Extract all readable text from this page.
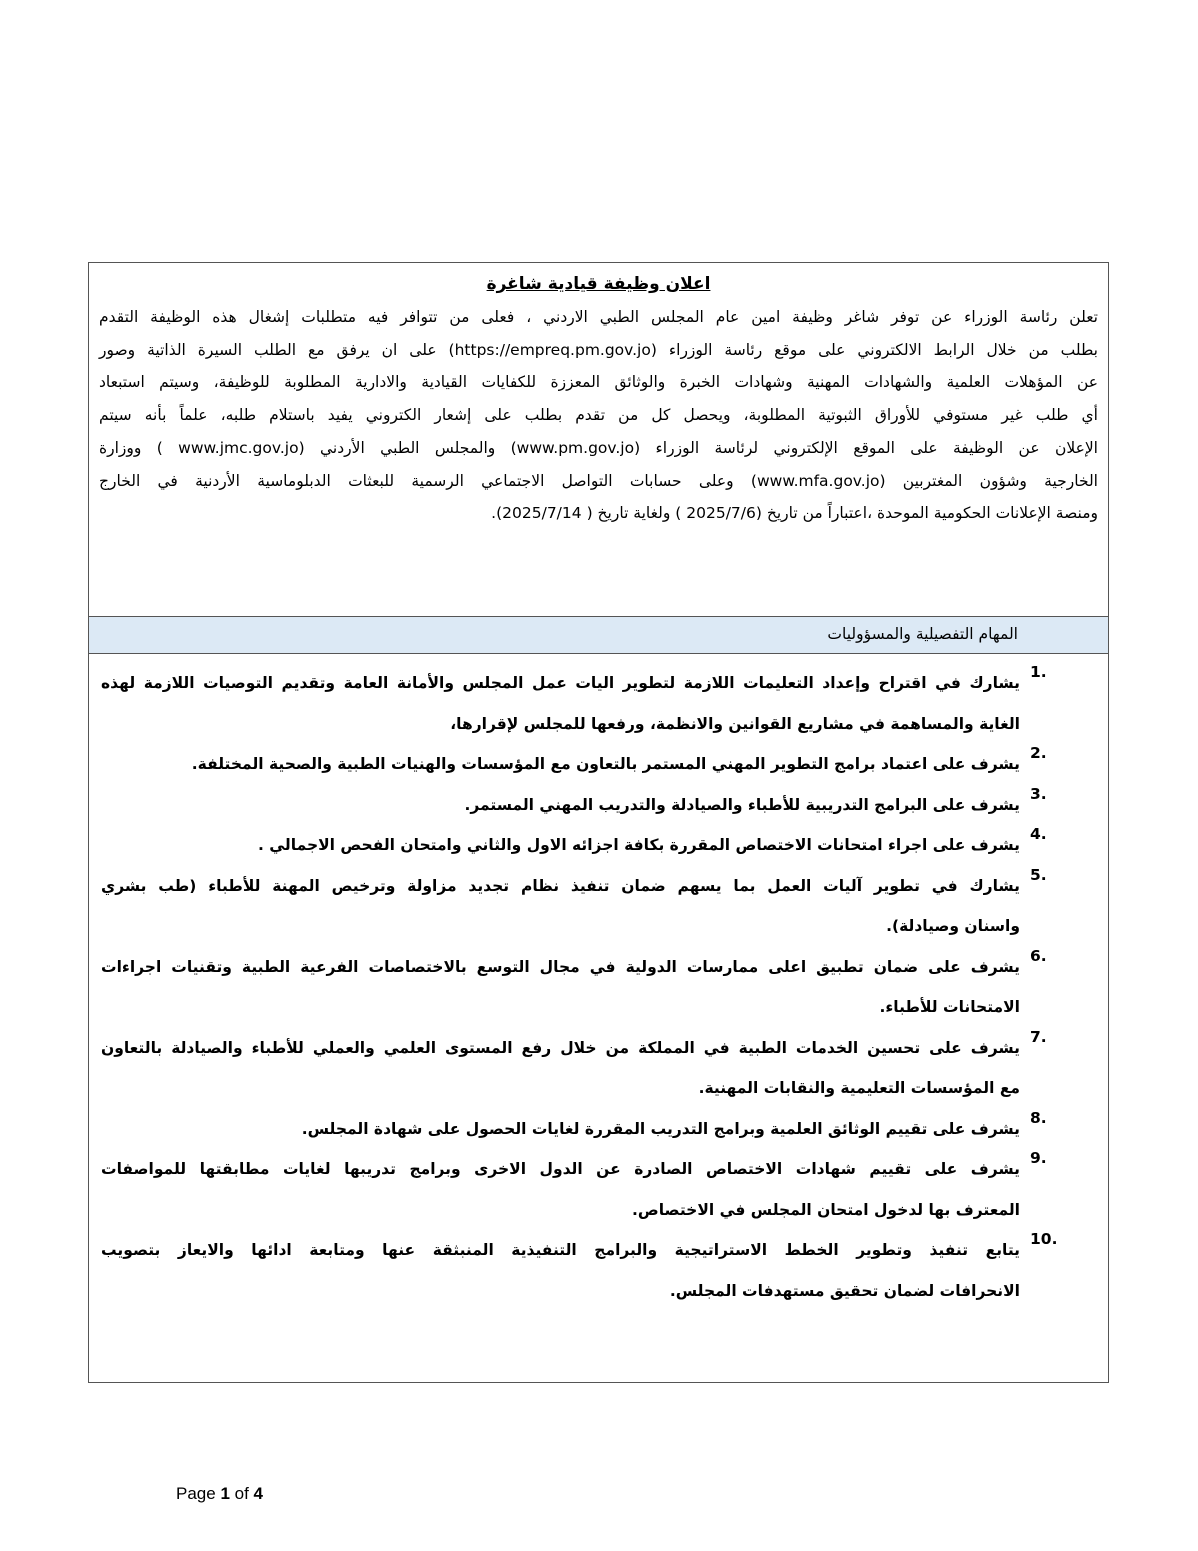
اعلان وظيفة قيادية شاغرة

تعلن رئاسة الوزراء عن توفر شاغر وظيفة امين عام المجلس الطبي الاردني ، فعلى من تتوافر فيه متطلبات إشغال هذه الوظيفة التقدم
بطلب من خلال الرابط الالكتروني على موقع رئاسة الوزراء (https://empreq.pm.gov.jo) على ان يرفق مع الطلب السيرة الذاتية وصور
عن المؤهلات العلمية والشهادات المهنية وشهادات الخبرة والوثائق المعززة للكفايات القيادية والادارية المطلوبة للوظيفة، وسيتم استبعاد
أي طلب غير مستوفي للأوراق الثبوتية المطلوبة، ويحصل كل من تقدم بطلب على إشعار الكتروني يفيد باستلام طلبه، علماً بأنه سيتم
الإعلان عن الوظيفة على الموقع الإلكتروني لرئاسة الوزراء (www.pm.gov.jo) والمجلس الطبي الأردني (www.jmc.gov.jo ) ووزارة
الخارجية وشؤون المغتربين (www.mfa.gov.jo) وعلى حسابات التواصل الاجتماعي الرسمية للبعثات الدبلوماسية الأردنية في الخارج
ومنصة الإعلانات الحكومية الموحدة ،اعتباراً من تاريخ (2025/7/6 ) ولغاية تاريخ ( 2025/7/14).

المهام التفصيلية والمسؤوليات
1.
يشارك في اقتراح وإعداد التعليمات اللازمة لتطوير اليات عمل المجلس والأمانة العامة وتقديم التوصيات اللازمة لهذه
الغاية والمساهمة في مشاريع القوانين والانظمة، ورفعها للمجلس لإقرارها،
2.
يشرف على اعتماد برامج التطوير المهني المستمر بالتعاون مع المؤسسات والهنيات الطبية والصحية المختلفة.
3.
يشرف على البرامج التدريبية للأطباء والصيادلة والتدريب المهني المستمر.
4.
يشرف على اجراء امتحانات الاختصاص المقررة بكافة اجزائه الاول والثاني وامتحان الفحص الاجمالي .
5.
يشارك في تطوير آليات العمل بما يسهم ضمان تنفيذ نظام تجديد مزاولة وترخيص المهنة للأطباء (طب بشري
واسنان وصيادلة).
6.
يشرف على ضمان تطبيق اعلى ممارسات الدولية في مجال التوسع بالاختصاصات الفرعية الطبية وتقنيات اجراءات
الامتحانات للأطباء.
7.
يشرف على تحسين الخدمات الطبية في المملكة من خلال رفع المستوى العلمي والعملي للأطباء والصيادلة بالتعاون
مع المؤسسات التعليمية والنقابات المهنية.
8.
يشرف على تقييم الوثائق العلمية وبرامج التدريب المقررة لغايات الحصول على شهادة المجلس.
9.
يشرف على تقييم شهادات الاختصاص الصادرة عن الدول الاخرى وبرامج تدريبها لغايات مطابقتها للمواصفات
المعترف بها لدخول امتحان المجلس في الاختصاص.
10.
يتابع تنفيذ وتطوير الخطط الاستراتيجية والبرامج التنفيذية المنبثقة عنها ومتابعة ادائها والايعاز بتصويب
الانحرافات لضمان تحقيق مستهدفات المجلس.
Page 1 of 4
